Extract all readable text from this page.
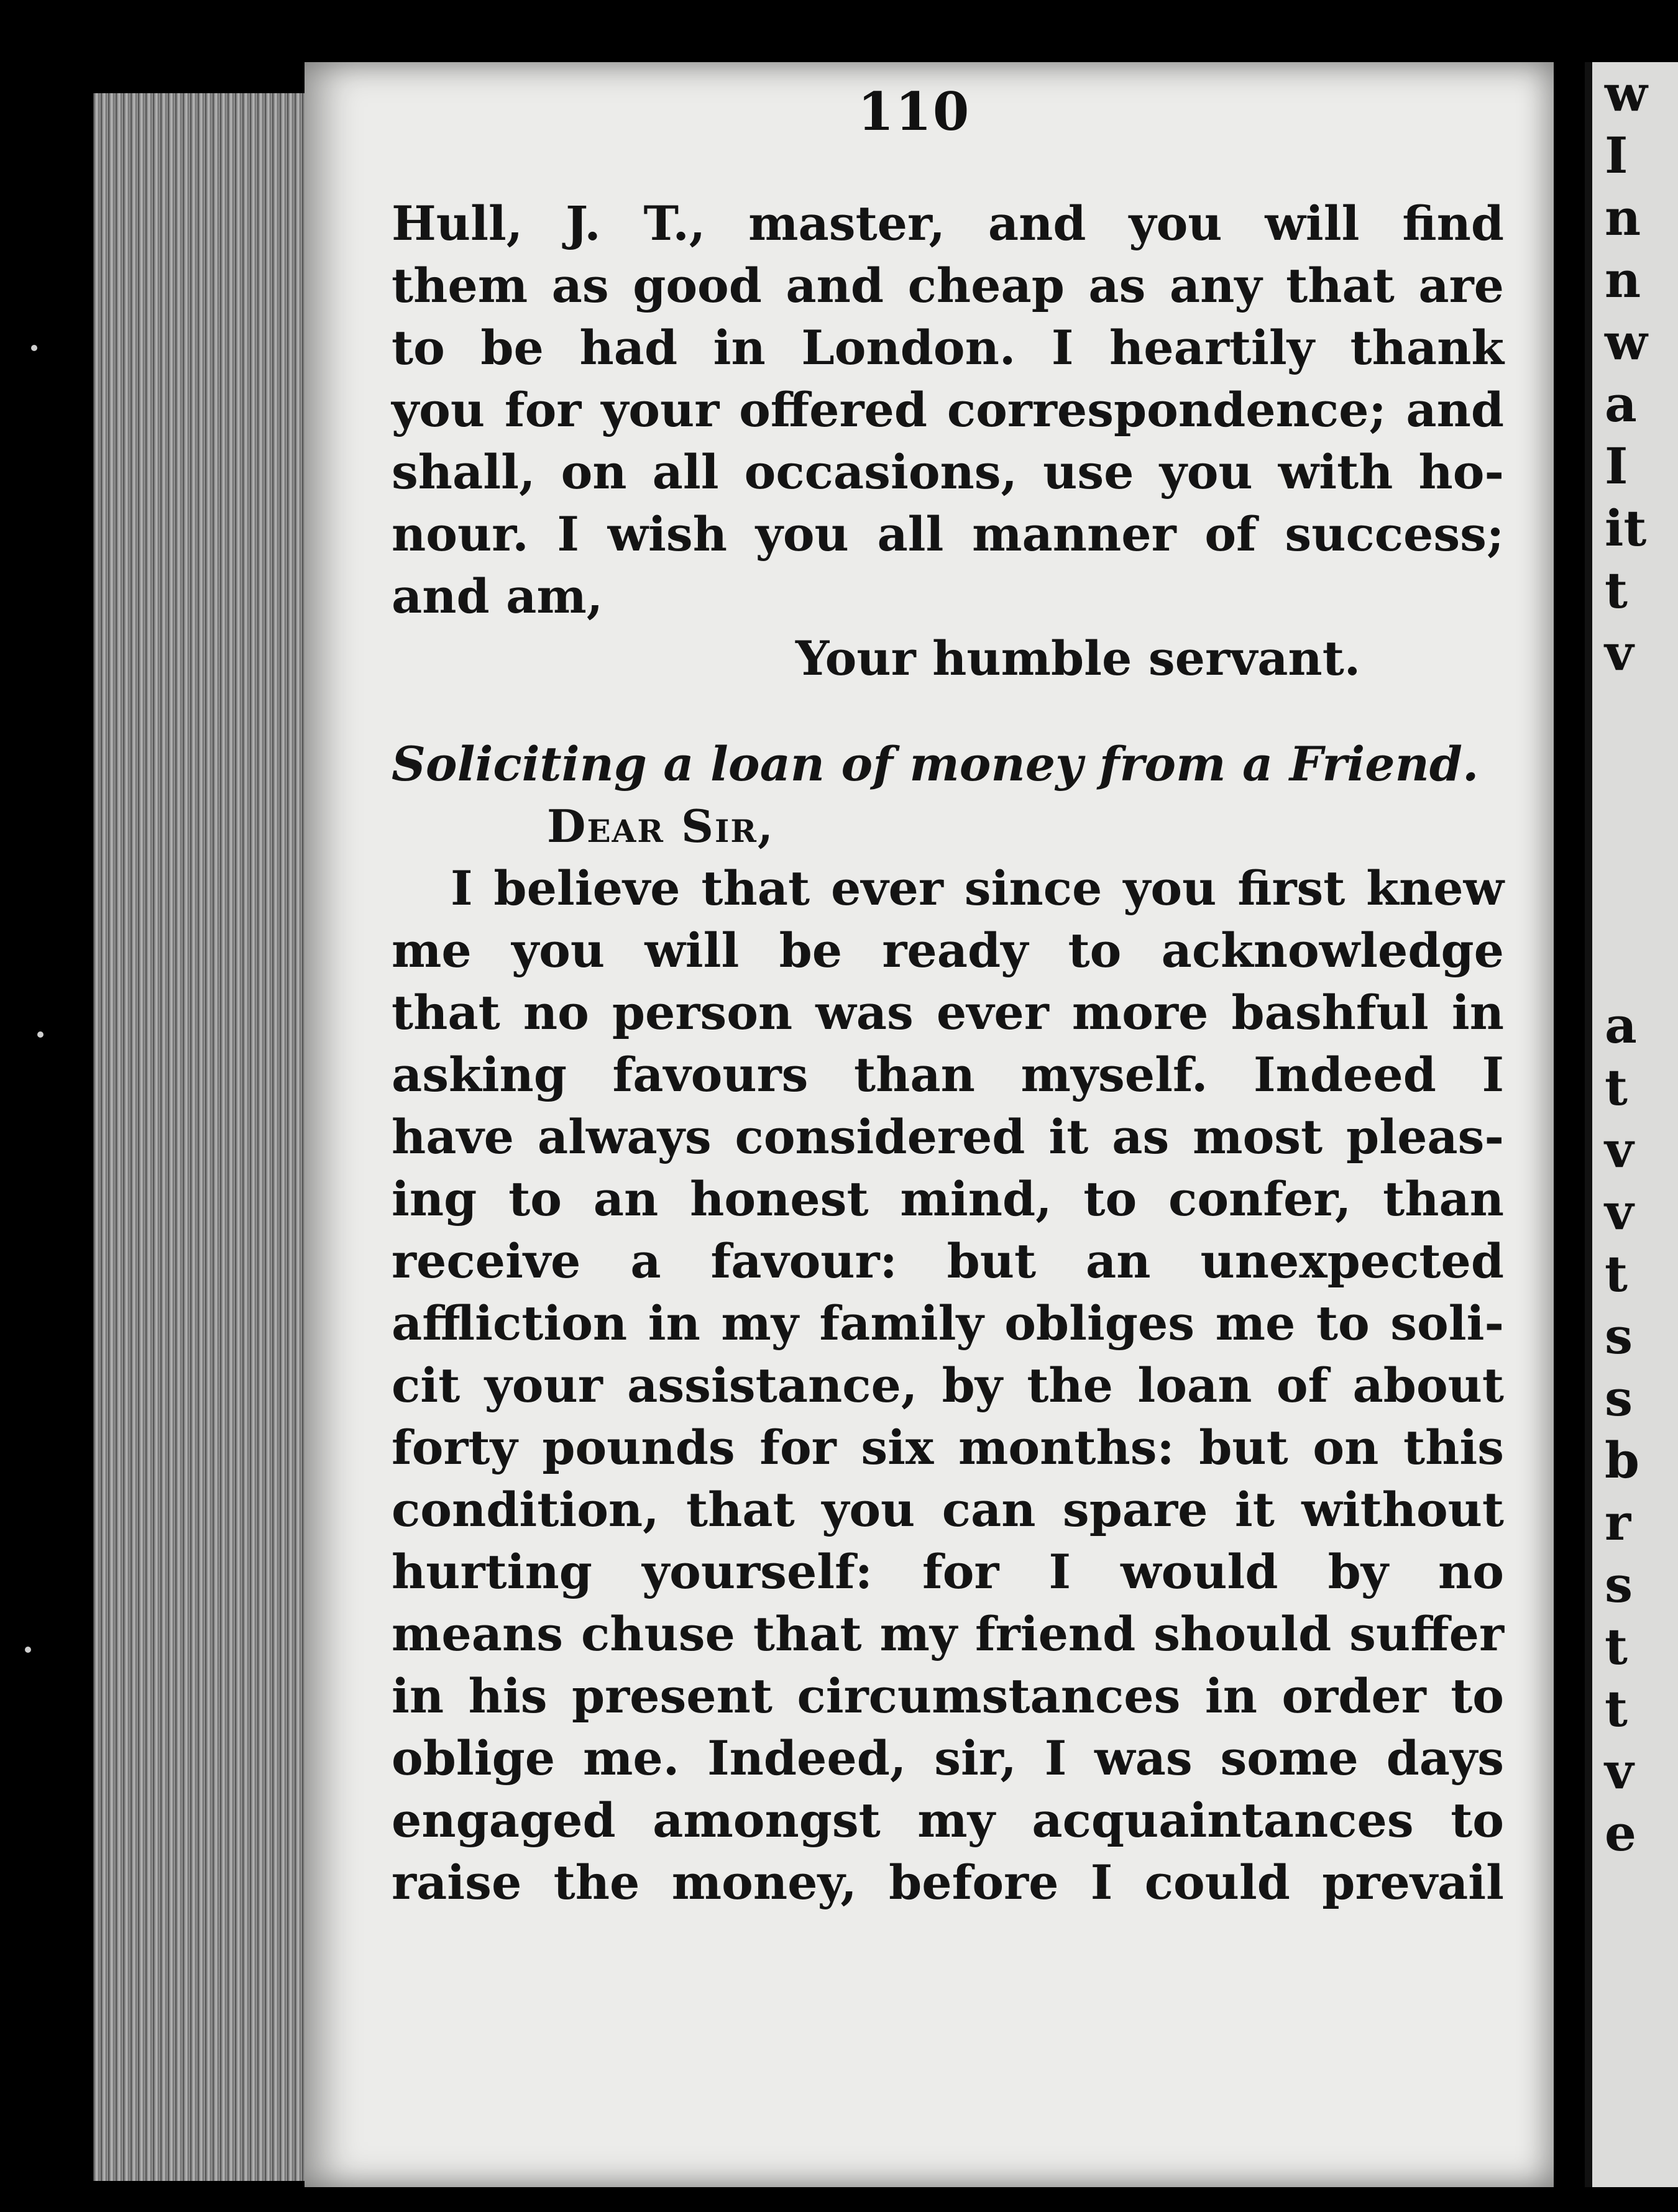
w
I
n
n
w
a
I
it
t
v

a
t
v
v
t
s
s
b
r
s
t
t
v
e
110
Hull, J. T., master, and you will find
them as good and cheap as any that are
to be had in London. I heartily thank
you for your offered correspondence; and
shall, on all occasions, use you with ho-
nour. I wish you all manner of success;
and am,
Your humble servant.
Soliciting a loan of money from a Friend.
Dear Sir,
I believe that ever since you first knew
me you will be ready to acknowledge
that no person was ever more bashful in
asking favours than myself. Indeed I
have always considered it as most pleas-
ing to an honest mind, to confer, than
receive a favour: but an unexpected
affliction in my family obliges me to soli-
cit your assistance, by the loan of about
forty pounds for six months: but on this
condition, that you can spare it without
hurting yourself: for I would by no
means chuse that my friend should suffer
in his present circumstances in order to
oblige me. Indeed, sir, I was some days
engaged amongst my acquaintances to
raise the money, before I could prevail
